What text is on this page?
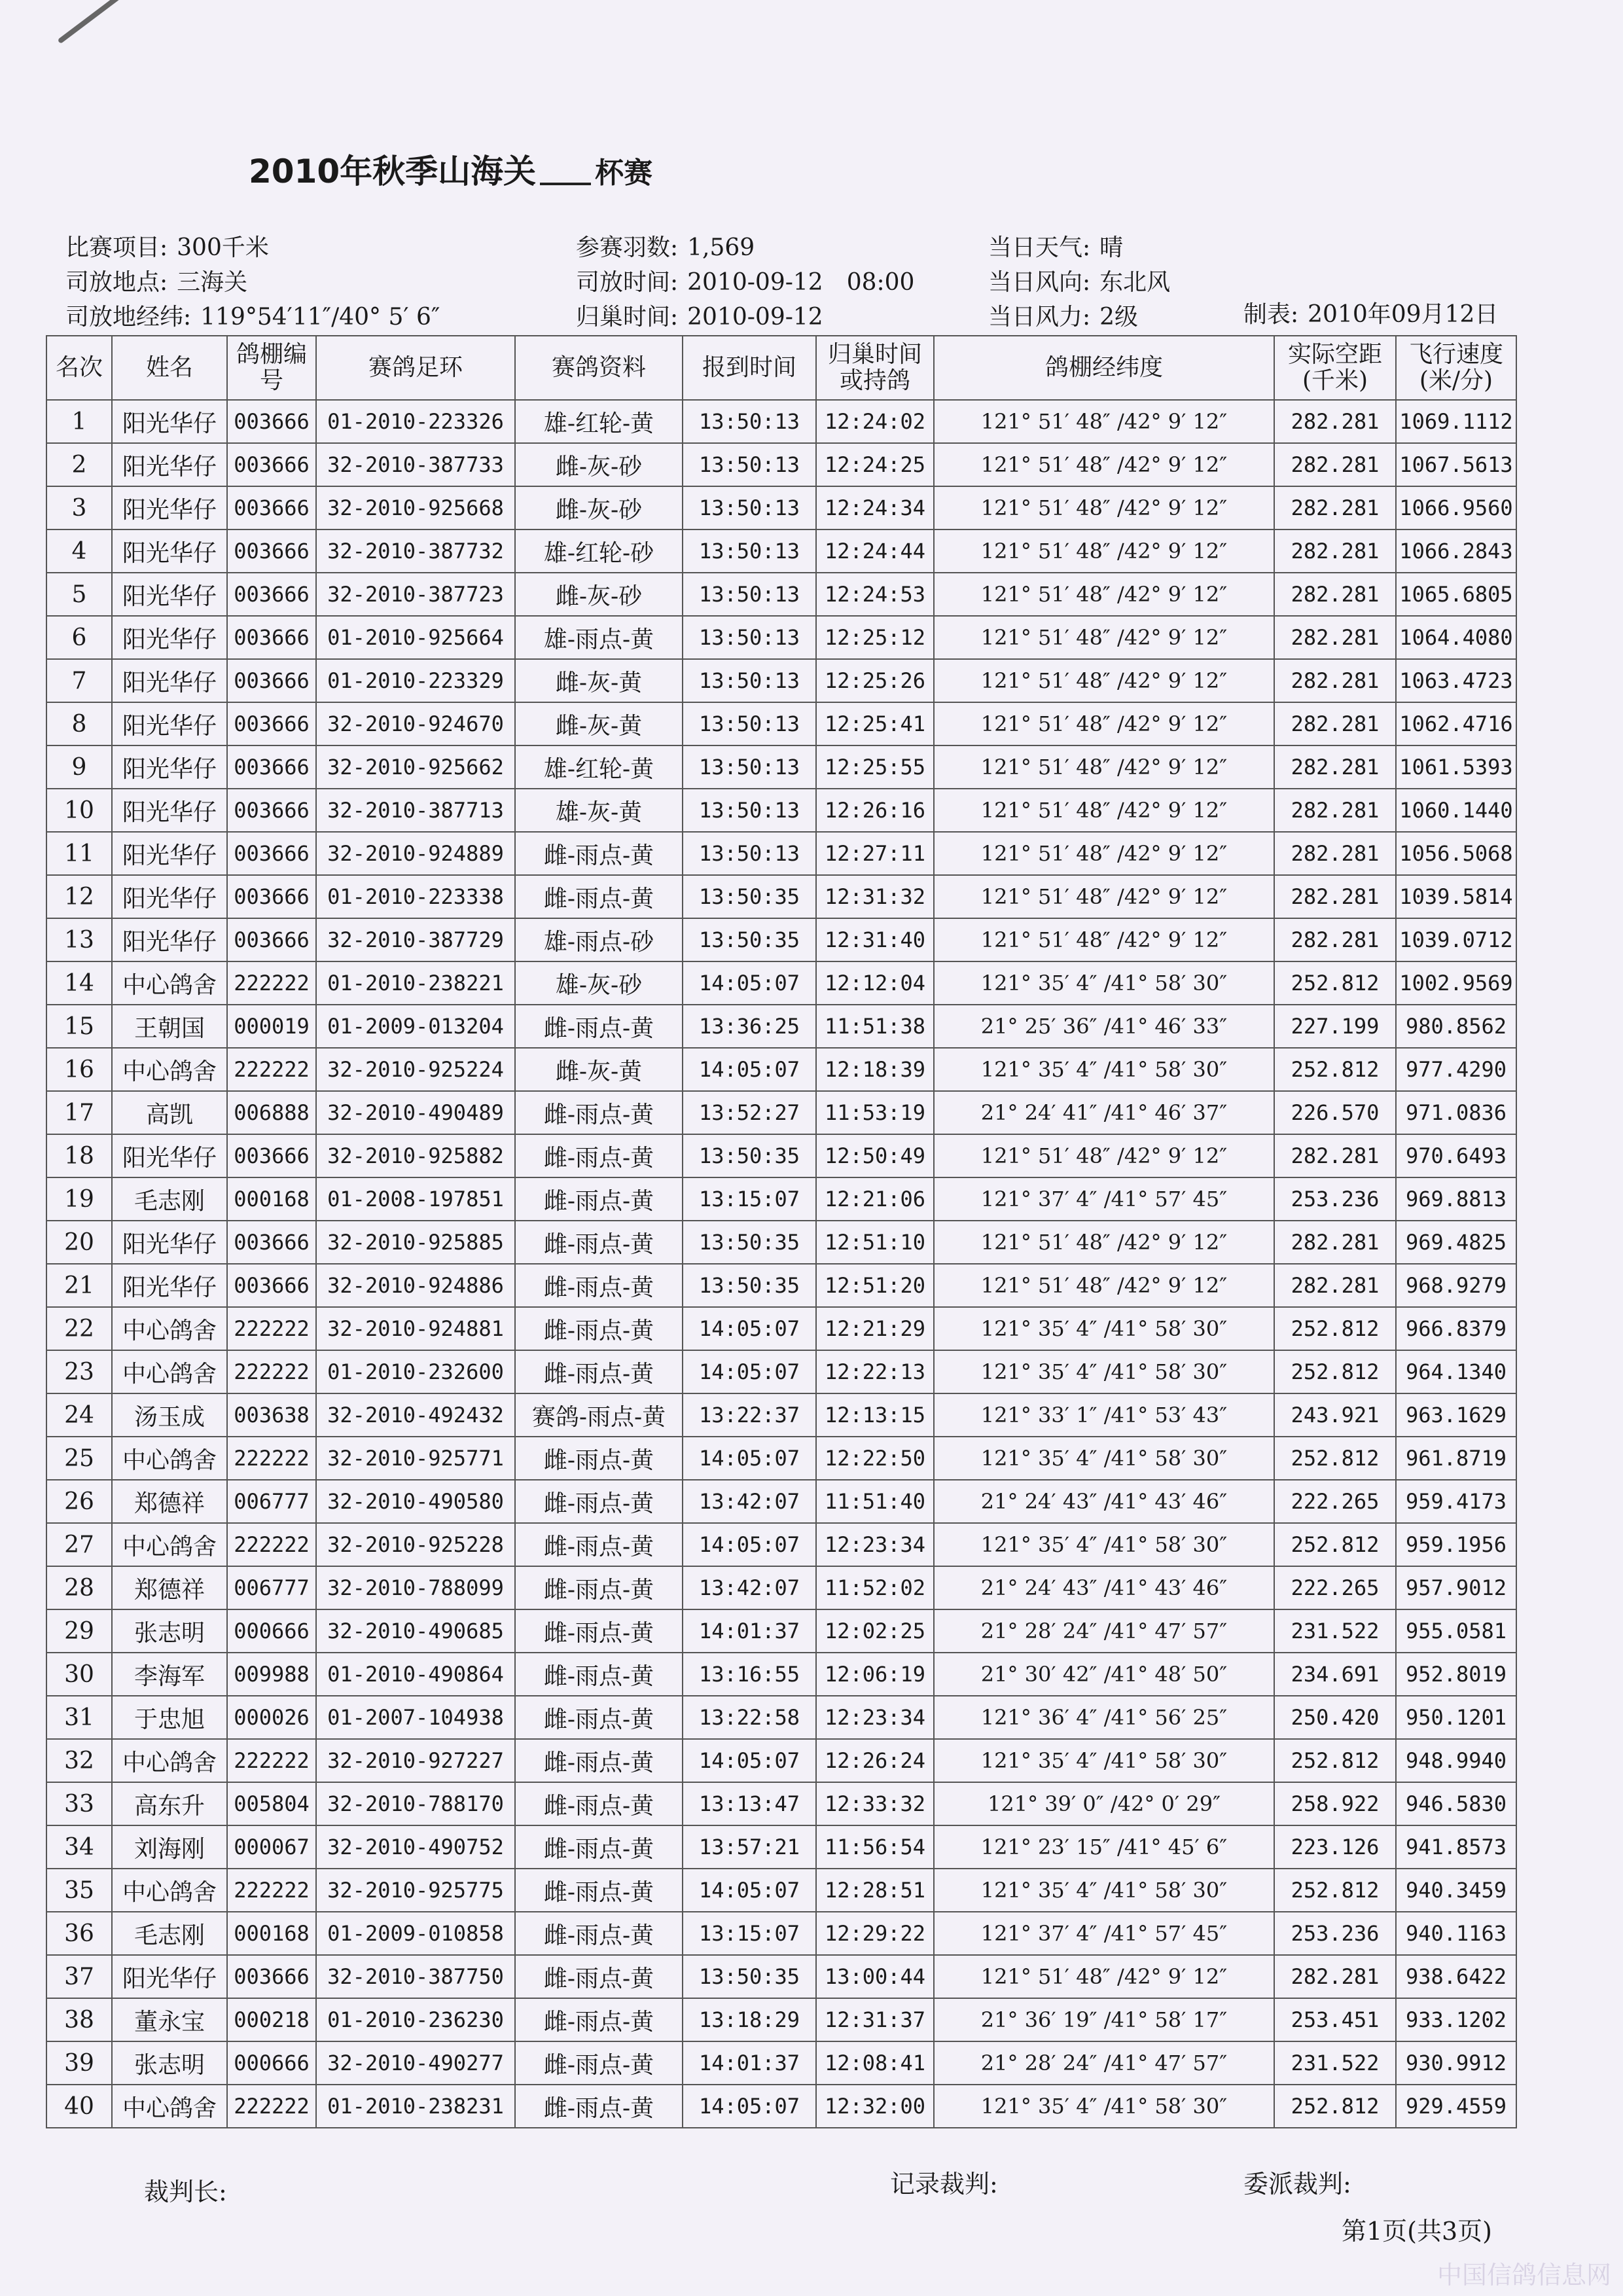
2010年秋季山海关 杯赛
比赛项目: 300千米	参赛羽数: 1,569	当日天气: 晴
司放地点: 三海关	司放时间: 2010-09-12　08:00	当日风向: 东北风
司放地经纬: 119°54′11″/40° 5′ 6″	归巢时间: 2010-09-12	当日风力: 2级	制表: 2010年09月12日
名次	姓名	鸽棚编号	赛鸽足环	赛鸽资料	报到时间	归巢时间或持鸽	鸽棚经纬度	实际空距(千米)	飞行速度(米/分)
1	阳光华仔	003666	01-2010-223326	雄-红轮-黄	13:50:13	12:24:02	121° 51′ 48″ /42° 9′ 12″	282.281	1069.1112
2	阳光华仔	003666	32-2010-387733	雌-灰-砂	13:50:13	12:24:25	121° 51′ 48″ /42° 9′ 12″	282.281	1067.5613
3	阳光华仔	003666	32-2010-925668	雌-灰-砂	13:50:13	12:24:34	121° 51′ 48″ /42° 9′ 12″	282.281	1066.9560
4	阳光华仔	003666	32-2010-387732	雄-红轮-砂	13:50:13	12:24:44	121° 51′ 48″ /42° 9′ 12″	282.281	1066.2843
5	阳光华仔	003666	32-2010-387723	雌-灰-砂	13:50:13	12:24:53	121° 51′ 48″ /42° 9′ 12″	282.281	1065.6805
6	阳光华仔	003666	01-2010-925664	雄-雨点-黄	13:50:13	12:25:12	121° 51′ 48″ /42° 9′ 12″	282.281	1064.4080
7	阳光华仔	003666	01-2010-223329	雌-灰-黄	13:50:13	12:25:26	121° 51′ 48″ /42° 9′ 12″	282.281	1063.4723
8	阳光华仔	003666	32-2010-924670	雌-灰-黄	13:50:13	12:25:41	121° 51′ 48″ /42° 9′ 12″	282.281	1062.4716
9	阳光华仔	003666	32-2010-925662	雄-红轮-黄	13:50:13	12:25:55	121° 51′ 48″ /42° 9′ 12″	282.281	1061.5393
10	阳光华仔	003666	32-2010-387713	雄-灰-黄	13:50:13	12:26:16	121° 51′ 48″ /42° 9′ 12″	282.281	1060.1440
11	阳光华仔	003666	32-2010-924889	雌-雨点-黄	13:50:13	12:27:11	121° 51′ 48″ /42° 9′ 12″	282.281	1056.5068
12	阳光华仔	003666	01-2010-223338	雌-雨点-黄	13:50:35	12:31:32	121° 51′ 48″ /42° 9′ 12″	282.281	1039.5814
13	阳光华仔	003666	32-2010-387729	雄-雨点-砂	13:50:35	12:31:40	121° 51′ 48″ /42° 9′ 12″	282.281	1039.0712
14	中心鸽舍	222222	01-2010-238221	雄-灰-砂	14:05:07	12:12:04	121° 35′ 4″ /41° 58′ 30″	252.812	1002.9569
15	王朝国	000019	01-2009-013204	雌-雨点-黄	13:36:25	11:51:38	21° 25′ 36″ /41° 46′ 33″	227.199	980.8562
16	中心鸽舍	222222	32-2010-925224	雌-灰-黄	14:05:07	12:18:39	121° 35′ 4″ /41° 58′ 30″	252.812	977.4290
17	高凯	006888	32-2010-490489	雌-雨点-黄	13:52:27	11:53:19	21° 24′ 41″ /41° 46′ 37″	226.570	971.0836
18	阳光华仔	003666	32-2010-925882	雌-雨点-黄	13:50:35	12:50:49	121° 51′ 48″ /42° 9′ 12″	282.281	970.6493
19	毛志刚	000168	01-2008-197851	雌-雨点-黄	13:15:07	12:21:06	121° 37′ 4″ /41° 57′ 45″	253.236	969.8813
20	阳光华仔	003666	32-2010-925885	雌-雨点-黄	13:50:35	12:51:10	121° 51′ 48″ /42° 9′ 12″	282.281	969.4825
21	阳光华仔	003666	32-2010-924886	雌-雨点-黄	13:50:35	12:51:20	121° 51′ 48″ /42° 9′ 12″	282.281	968.9279
22	中心鸽舍	222222	32-2010-924881	雌-雨点-黄	14:05:07	12:21:29	121° 35′ 4″ /41° 58′ 30″	252.812	966.8379
23	中心鸽舍	222222	01-2010-232600	雌-雨点-黄	14:05:07	12:22:13	121° 35′ 4″ /41° 58′ 30″	252.812	964.1340
24	汤玉成	003638	32-2010-492432	赛鸽-雨点-黄	13:22:37	12:13:15	121° 33′ 1″ /41° 53′ 43″	243.921	963.1629
25	中心鸽舍	222222	32-2010-925771	雌-雨点-黄	14:05:07	12:22:50	121° 35′ 4″ /41° 58′ 30″	252.812	961.8719
26	郑德祥	006777	32-2010-490580	雌-雨点-黄	13:42:07	11:51:40	21° 24′ 43″ /41° 43′ 46″	222.265	959.4173
27	中心鸽舍	222222	32-2010-925228	雌-雨点-黄	14:05:07	12:23:34	121° 35′ 4″ /41° 58′ 30″	252.812	959.1956
28	郑德祥	006777	32-2010-788099	雌-雨点-黄	13:42:07	11:52:02	21° 24′ 43″ /41° 43′ 46″	222.265	957.9012
29	张志明	000666	32-2010-490685	雌-雨点-黄	14:01:37	12:02:25	21° 28′ 24″ /41° 47′ 57″	231.522	955.0581
30	李海军	009988	01-2010-490864	雌-雨点-黄	13:16:55	12:06:19	21° 30′ 42″ /41° 48′ 50″	234.691	952.8019
31	于忠旭	000026	01-2007-104938	雌-雨点-黄	13:22:58	12:23:34	121° 36′ 4″ /41° 56′ 25″	250.420	950.1201
32	中心鸽舍	222222	32-2010-927227	雌-雨点-黄	14:05:07	12:26:24	121° 35′ 4″ /41° 58′ 30″	252.812	948.9940
33	高东升	005804	32-2010-788170	雌-雨点-黄	13:13:47	12:33:32	121° 39′ 0″ /42° 0′ 29″	258.922	946.5830
34	刘海刚	000067	32-2010-490752	雌-雨点-黄	13:57:21	11:56:54	121° 23′ 15″ /41° 45′ 6″	223.126	941.8573
35	中心鸽舍	222222	32-2010-925775	雌-雨点-黄	14:05:07	12:28:51	121° 35′ 4″ /41° 58′ 30″	252.812	940.3459
36	毛志刚	000168	01-2009-010858	雌-雨点-黄	13:15:07	12:29:22	121° 37′ 4″ /41° 57′ 45″	253.236	940.1163
37	阳光华仔	003666	32-2010-387750	雌-雨点-黄	13:50:35	13:00:44	121° 51′ 48″ /42° 9′ 12″	282.281	938.6422
38	董永宝	000218	01-2010-236230	雌-雨点-黄	13:18:29	12:31:37	21° 36′ 19″ /41° 58′ 17″	253.451	933.1202
39	张志明	000666	32-2010-490277	雌-雨点-黄	14:01:37	12:08:41	21° 28′ 24″ /41° 47′ 57″	231.522	930.9912
40	中心鸽舍	222222	01-2010-238231	雌-雨点-黄	14:05:07	12:32:00	121° 35′ 4″ /41° 58′ 30″	252.812	929.4559
裁判长:	记录裁判:	委派裁判:
第1页(共3页)
中国信鸽信息网
